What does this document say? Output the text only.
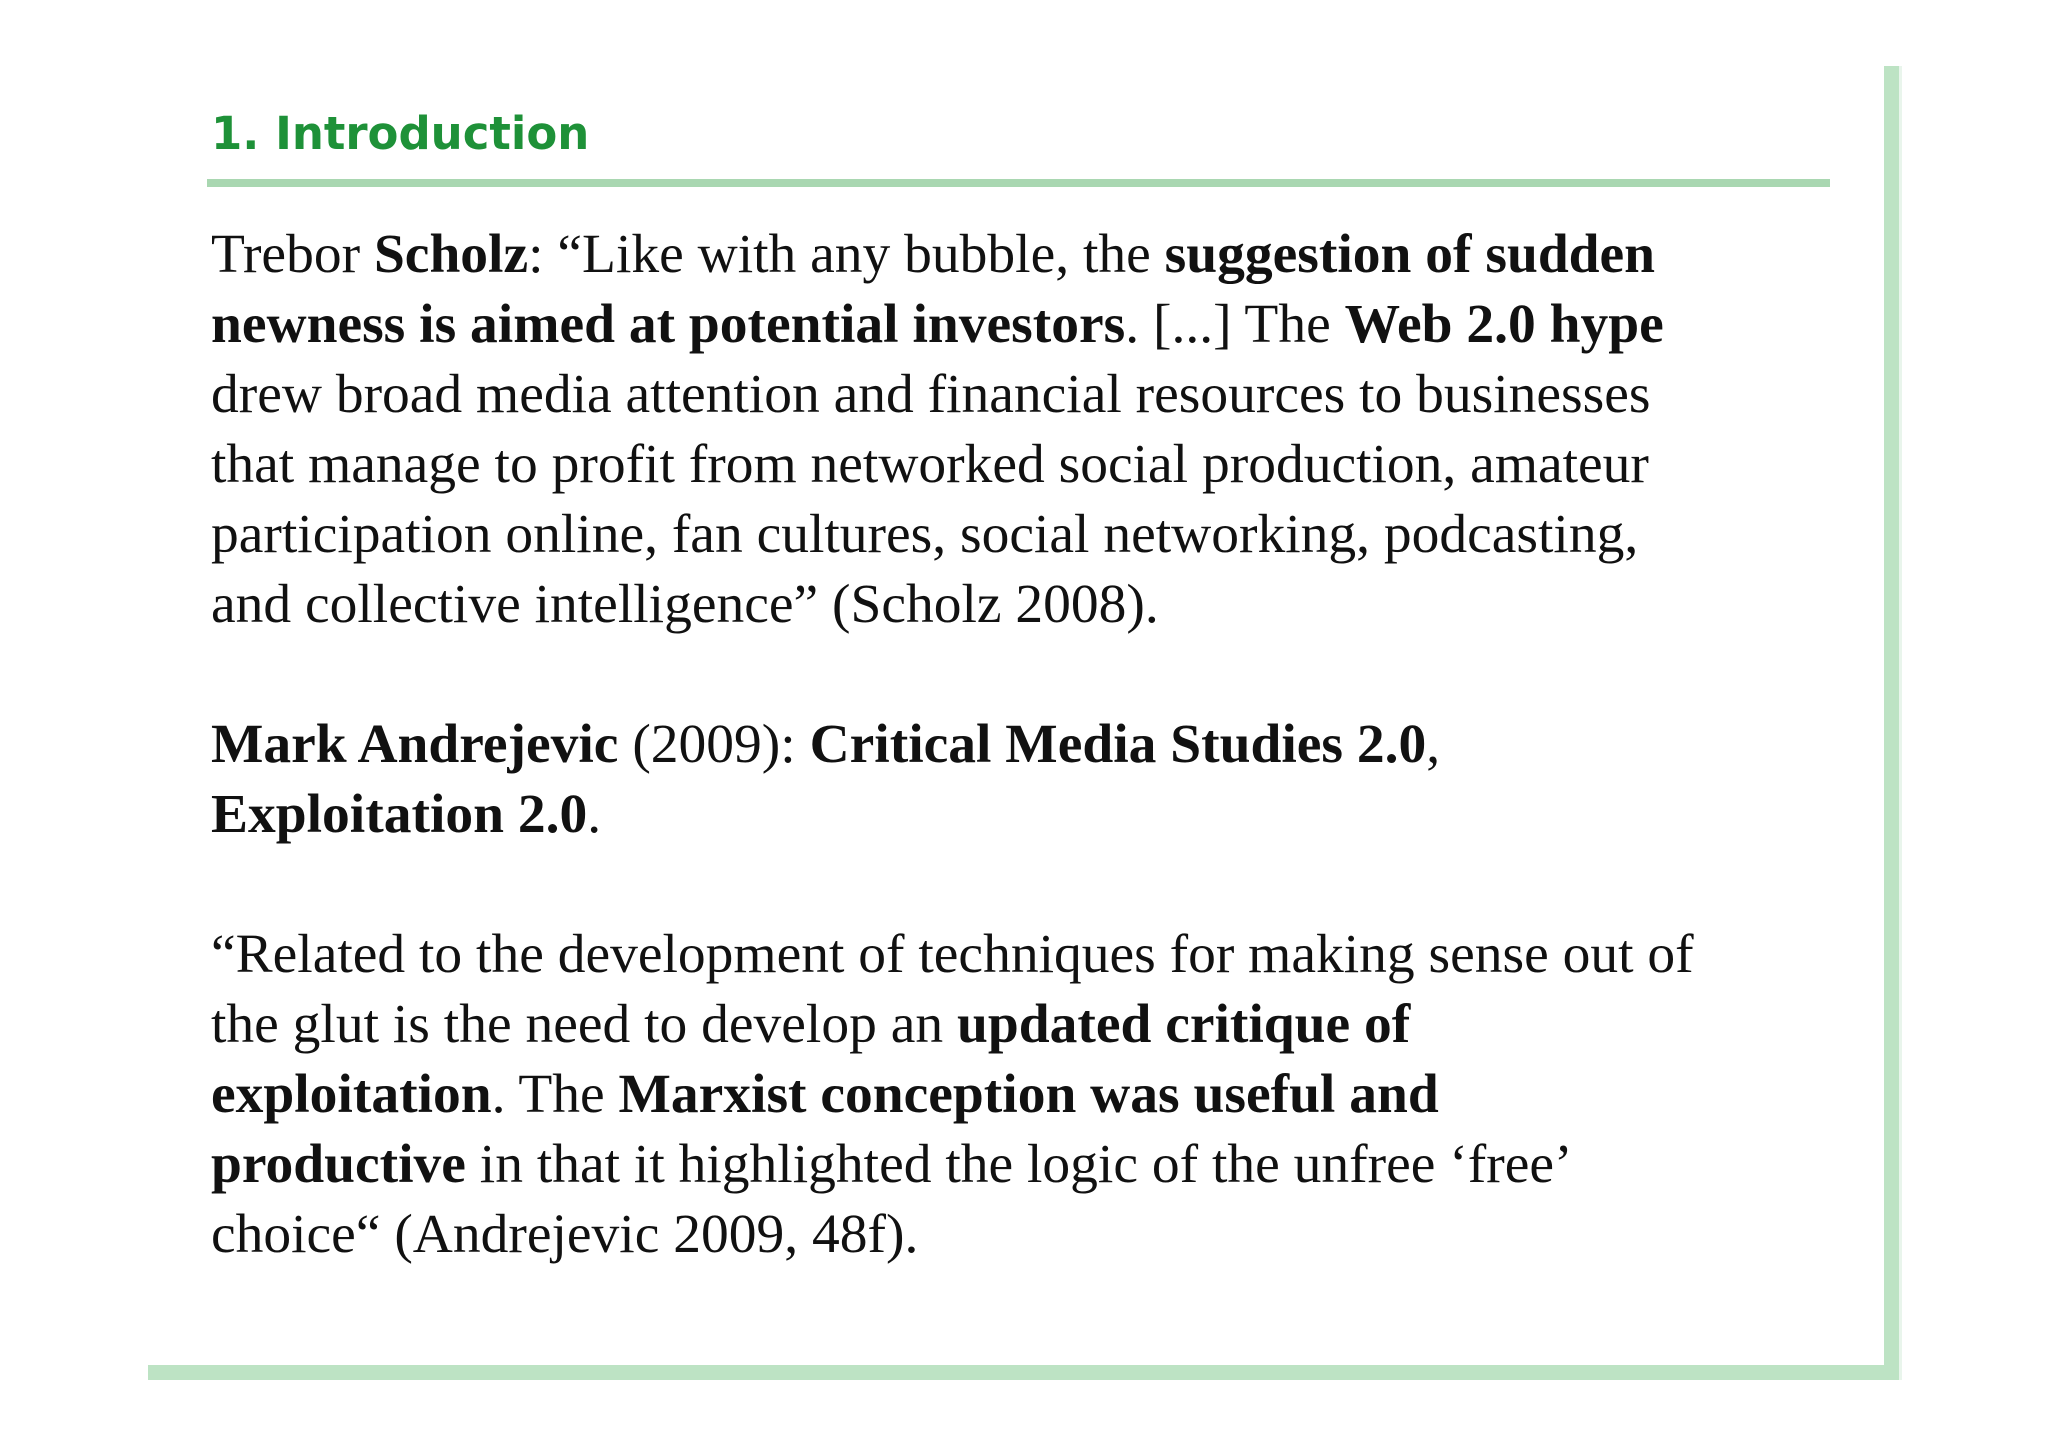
1. Introduction

Trebor Scholz: “Like with any bubble, the suggestion of sudden
newness is aimed at potential investors. [...] The Web 2.0 hype
drew broad media attention and financial resources to businesses
that manage to profit from networked social production, amateur
participation online, fan cultures, social networking, podcasting,
and collective intelligence” (Scholz 2008).

Mark Andrejevic (2009): Critical Media Studies 2.0,
Exploitation 2.0.

“Related to the development of techniques for making sense out of
the glut is the need to develop an updated critique of
exploitation. The Marxist conception was useful and
productive in that it highlighted the logic of the unfree ‘free’
choice“ (Andrejevic 2009, 48f).
